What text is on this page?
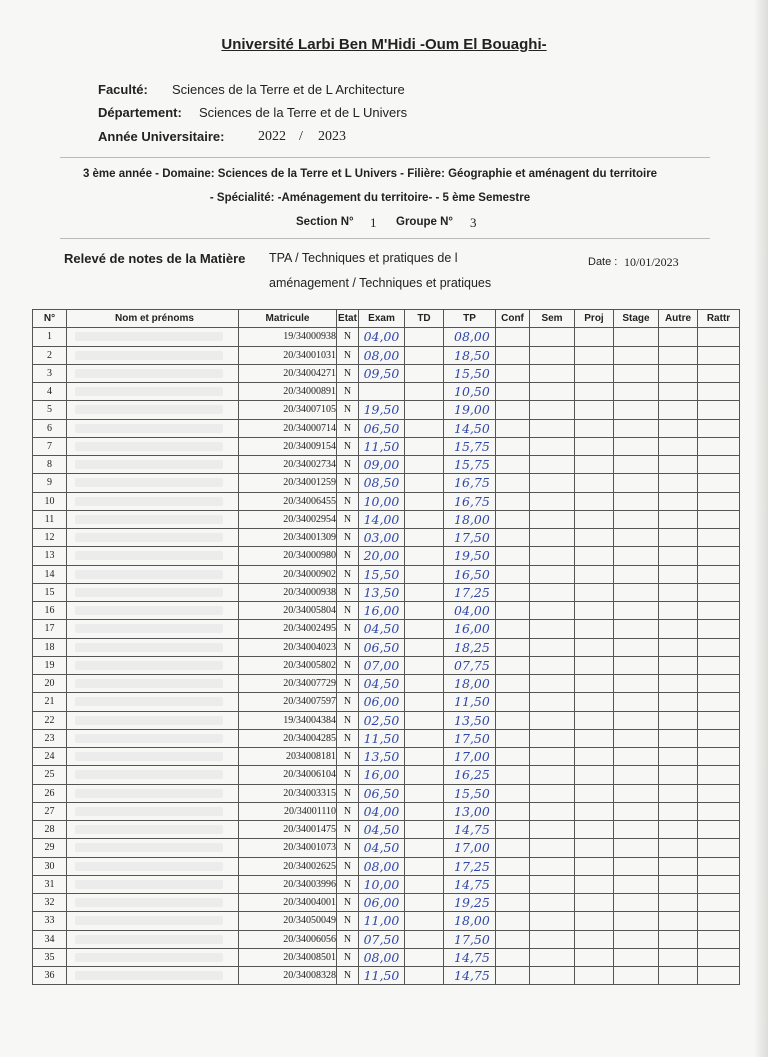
Université Larbi Ben M'Hidi -Oum El Bouaghi-
Faculté: Sciences de la Terre et de L Architecture
Département: Sciences de la Terre et de L Univers
Année Universitaire: 2022 / 2023
3 ème année - Domaine: Sciences de la Terre et L Univers - Filière: Géographie et aménagent du territoire
- Spécialité: -Aménagement du territoire- - 5 ème Semestre
Section N° 1 Groupe N° 3
Relevé de notes de la Matière TPA / Techniques et pratiques de l
aménagement / Techniques et pratiques
Date : 10/01/2023
N°	Nom et prénoms	Matricule	Etat	Exam	TD	TP	Conf	Sem	Proj	Stage	Autre	Rattr
1		19/34000938	N	04,00		08,00						
2		20/34001031	N	08,00		18,50						
3		20/34004271	N	09,50		15,50						
4		20/34000891	N			10,50						
5		20/34007105	N	19,50		19,00						
6		20/34000714	N	06,50		14,50						
7		20/34009154	N	11,50		15,75						
8		20/34002734	N	09,00		15,75						
9		20/34001259	N	08,50		16,75						
10		20/34006455	N	10,00		16,75						
11		20/34002954	N	14,00		18,00						
12		20/34001309	N	03,00		17,50						
13		20/34000980	N	20,00		19,50						
14		20/34000902	N	15,50		16,50						
15		20/34000938	N	13,50		17,25						
16		20/34005804	N	16,00		04,00						
17		20/34002495	N	04,50		16,00						
18		20/34004023	N	06,50		18,25						
19		20/34005802	N	07,00		07,75						
20		20/34007729	N	04,50		18,00						
21		20/34007597	N	06,00		11,50						
22		19/34004384	N	02,50		13,50						
23		20/34004285	N	11,50		17,50						
24		2034008181	N	13,50		17,00						
25		20/34006104	N	16,00		16,25						
26		20/34003315	N	06,50		15,50						
27		20/34001110	N	04,00		13,00						
28		20/34001475	N	04,50		14,75						
29		20/34001073	N	04,50		17,00						
30		20/34002625	N	08,00		17,25						
31		20/34003996	N	10,00		14,75						
32		20/34004001	N	06,00		19,25						
33		20/34050049	N	11,00		18,00						
34		20/34006056	N	07,50		17,50						
35		20/34008501	N	08,00		14,75						
36		20/34008328	N	11,50		14,75						
